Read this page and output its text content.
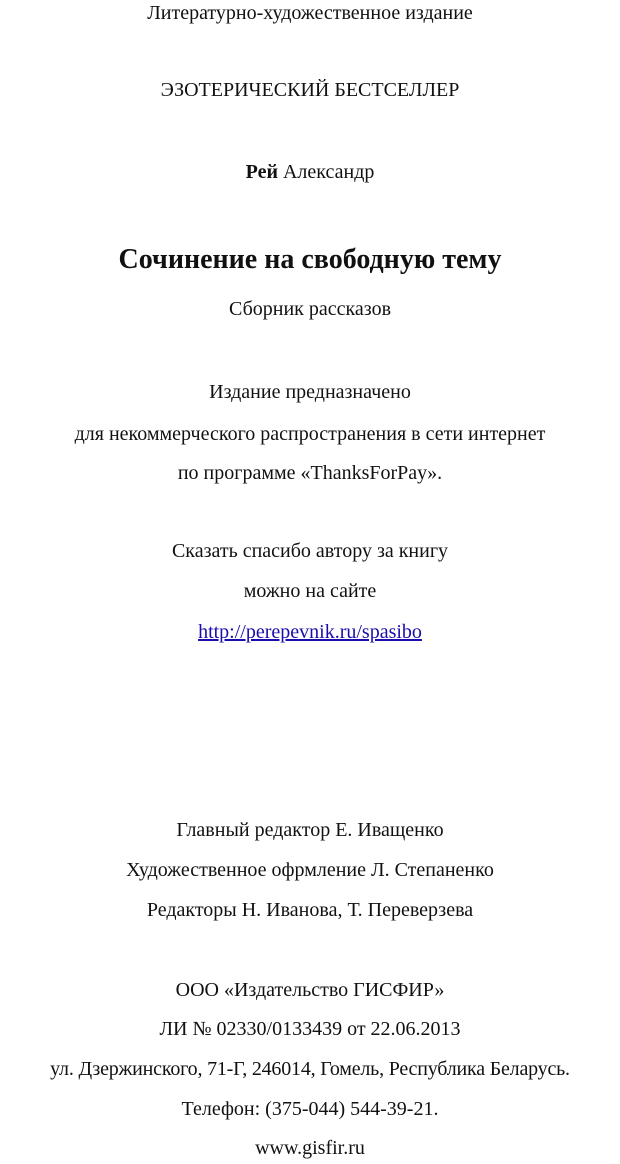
Литературно-художественное издание
ЭЗОТЕРИЧЕСКИЙ БЕСТСЕЛЛЕР
Рей Александр
Сочинение на свободную тему
Сборник рассказов
Издание предназначено
для некоммерческого распространения в сети интернет
по программе «ThanksForPay».
Сказать спасибо автору за книгу
можно на сайте
http://perepevnik.ru/spasibo
Главный редактор Е. Иващенко
Художественное офрмление Л. Степаненко
Редакторы Н. Иванова, Т. Переверзева
ООО «Издательство ГИСФИР»
ЛИ № 02330/0133439 от 22.06.2013
ул. Дзержинского, 71-Г, 246014, Гомель, Республика Беларусь.
Телефон: (375-044) 544-39-21.
www.gisfir.ru
